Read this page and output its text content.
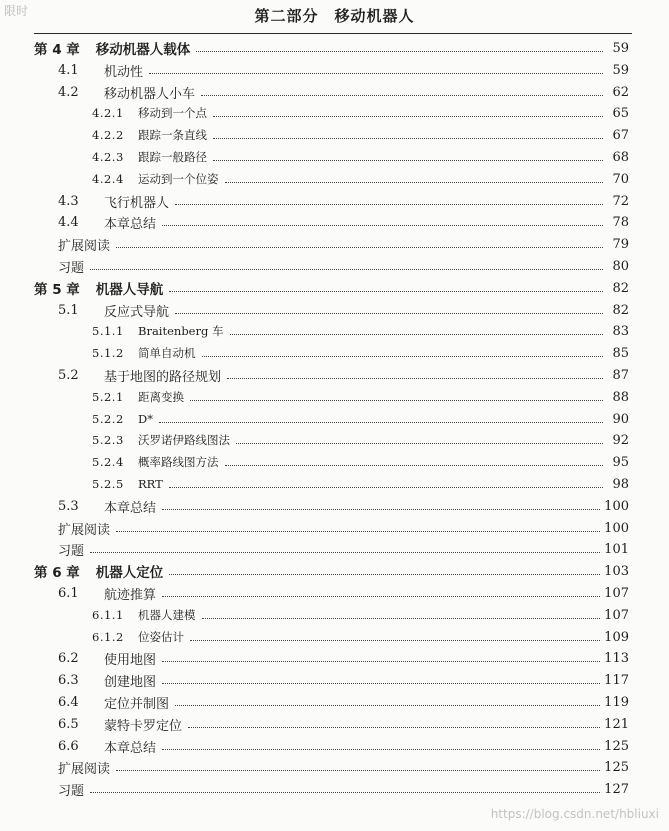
限时	第二部分　移动机器人
第 4 章 移动机器人载体	59
4.1	机动性	59
4.2	移动机器人小车	62
4.2.1	移动到一个点	65
4.2.2	跟踪一条直线	67
4.2.3	跟踪一般路径	68
4.2.4	运动到一个位姿	70
4.3	飞行机器人	72
4.4	本章总结	78
扩展阅读	79
习题	80
第 5 章 机器人导航	82
5.1	反应式导航	82
5.1.1	Braitenberg 车	83
5.1.2	简单自动机	85
5.2	基于地图的路径规划	87
5.2.1	距离变换	88
5.2.2	D*	90
5.2.3	沃罗诺伊路线图法	92
5.2.4	概率路线图方法	95
5.2.5	RRT	98
5.3	本章总结	100
扩展阅读	100
习题	101
第 6 章 机器人定位	103
6.1	航迹推算	107
6.1.1	机器人建模	107
6.1.2	位姿估计	109
6.2	使用地图	113
6.3	创建地图	117
6.4	定位并制图	119
6.5	蒙特卡罗定位	121
6.6	本章总结	125
扩展阅读	125
习题	127
https://blog.csdn.net/hbliuxi
